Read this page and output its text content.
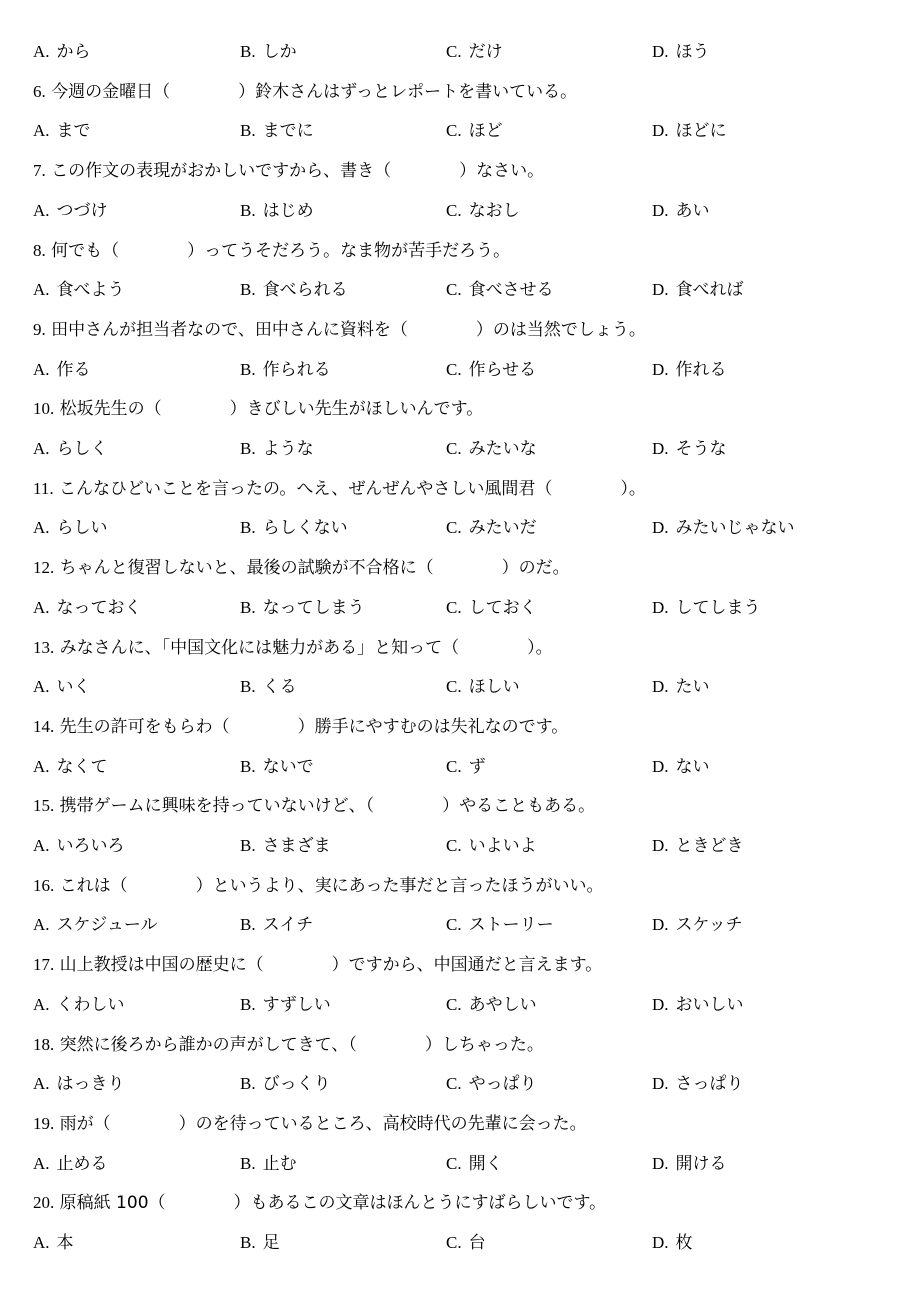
A. から	B. しか	C. だけ	D. ほう
6. 今週の金曜日（　　　　）鈴木さんはずっとレポートを書いている。
A. まで	B. までに	C. ほど	D. ほどに
7. この作文の表現がおかしいですから、書き（　　　　）なさい。
A. つづけ	B. はじめ	C. なおし	D. あい
8. 何でも（　　　　）ってうそだろう。なま物が苦手だろう。
A. 食べよう	B. 食べられる	C. 食べさせる	D. 食べれば
9. 田中さんが担当者なので、田中さんに資料を（　　　　）のは当然でしょう。
A. 作る	B. 作られる	C. 作らせる	D. 作れる
10. 松坂先生の（　　　　）きびしい先生がほしいんです。
A. らしく	B. ような	C. みたいな	D. そうな
11. こんなひどいことを言ったの。へえ、ぜんぜんやさしい風間君（　　　　）。
A. らしい	B. らしくない	C. みたいだ	D. みたいじゃない
12. ちゃんと復習しないと、最後の試験が不合格に（　　　　）のだ。
A. なっておく	B. なってしまう	C. しておく	D. してしまう
13. みなさんに、「中国文化には魅力がある」と知って（　　　　）。
A. いく	B. くる	C. ほしい	D. たい
14. 先生の許可をもらわ（　　　　）勝手にやすむのは失礼なのです。
A. なくて	B. ないで	C. ず	D. ない
15. 携帯ゲームに興味を持っていないけど、（　　　　）やることもある。
A. いろいろ	B. さまざま	C. いよいよ	D. ときどき
16. これは（　　　　）というより、実にあった事だと言ったほうがいい。
A. スケジュール	B. スイチ	C. ストーリー	D. スケッチ
17. 山上教授は中国の歴史に（　　　　）ですから、中国通だと言えます。
A. くわしい	B. すずしい	C. あやしい	D. おいしい
18. 突然に後ろから誰かの声がしてきて、（　　　　）しちゃった。
A. はっきり	B. びっくり	C. やっぱり	D. さっぱり
19. 雨が（　　　　）のを待っているところ、高校時代の先輩に会った。
A. 止める	B. 止む	C. 開く	D. 開ける
20. 原稿紙 100（　　　　）もあるこの文章はほんとうにすばらしいです。
A. 本	B. 足	C. 台	D. 枚
